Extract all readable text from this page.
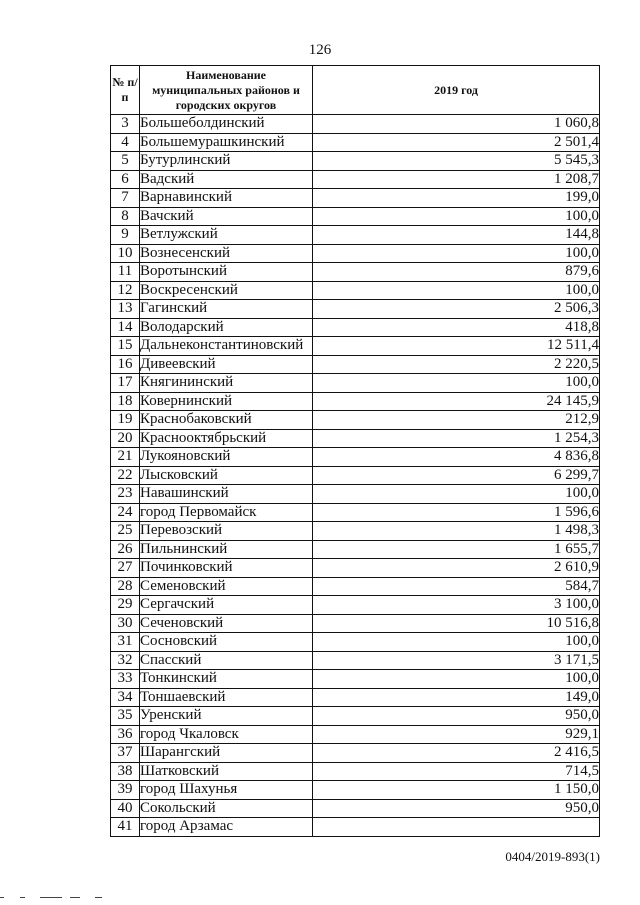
126
№ п/п	Наименование муниципальных районов и городских округов	2019 год
3	Большеболдинский	1 060,8
4	Большемурашкинский	2 501,4
5	Бутурлинский	5 545,3
6	Вадский	1 208,7
7	Варнавинский	199,0
8	Вачский	100,0
9	Ветлужский	144,8
10	Вознесенский	100,0
11	Воротынский	879,6
12	Воскресенский	100,0
13	Гагинский	2 506,3
14	Володарский	418,8
15	Дальнеконстантиновский	12 511,4
16	Дивеевский	2 220,5
17	Княгининский	100,0
18	Ковернинский	24 145,9
19	Краснобаковский	212,9
20	Краснооктябрьский	1 254,3
21	Лукояновский	4 836,8
22	Лысковский	6 299,7
23	Навашинский	100,0
24	город Первомайск	1 596,6
25	Перевозский	1 498,3
26	Пильнинский	1 655,7
27	Починковский	2 610,9
28	Семеновский	584,7
29	Сергачский	3 100,0
30	Сеченовский	10 516,8
31	Сосновский	100,0
32	Спасский	3 171,5
33	Тонкинский	100,0
34	Тоншаевский	149,0
35	Уренский	950,0
36	город Чкаловск	929,1
37	Шарангский	2 416,5
38	Шатковский	714,5
39	город Шахунья	1 150,0
40	Сокольский	950,0
41	город Арзамас	
0404/2019-893(1)
